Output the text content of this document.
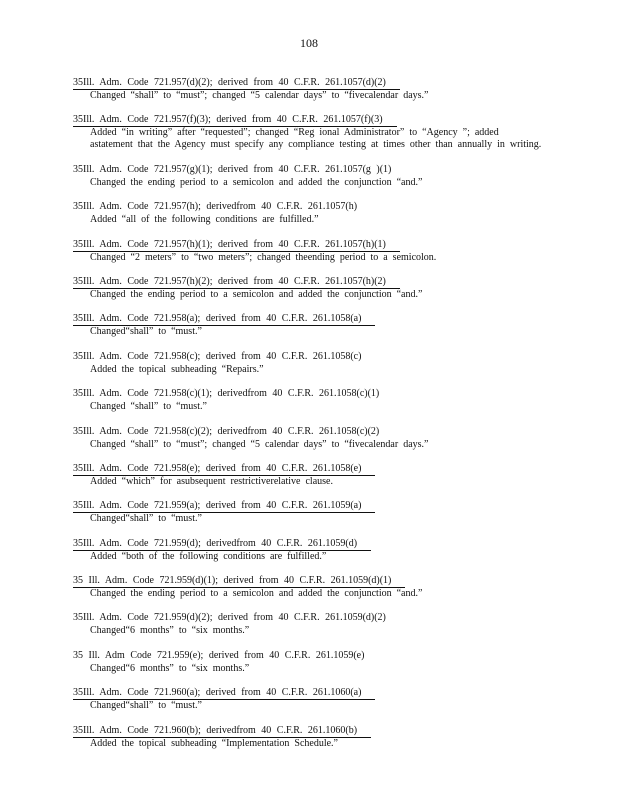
108
35Ill. Adm. Code 721.957(d)(2); derived from 40 C.F.R. 261.1057(d)(2)

Changed “shall” to “must”; changed “5 calendar days” to “fivecalendar days.”
35Ill. Adm. Code 721.957(f)(3); derived from 40 C.F.R. 261.1057(f)(3)

Added “in writing” after “requested”; changed “Reg ional Administrator” to “Agency ”; added astatement that the Agency must specify any compliance testing at times other than annually in writing.
35Ill. Adm. Code 721.957(g)(1); derived from 40 C.F.R. 261.1057(g )(1)

Changed the ending period to a semicolon and added the conjunction “and.”
35Ill. Adm. Code 721.957(h); derivedfrom 40 C.F.R. 261.1057(h)

Added “all of the following conditions are fulfilled.”
35Ill. Adm. Code 721.957(h)(1); derived from 40 C.F.R. 261.1057(h)(1)

Changed “2 meters” to “two meters”; changed theending period to a semicolon.
35Ill. Adm. Code 721.957(h)(2); derived from 40 C.F.R. 261.1057(h)(2)

Changed the ending period to a semicolon and added the conjunction “and.”
35Ill. Adm. Code 721.958(a); derived from 40 C.F.R. 261.1058(a)

Changed“shall” to “must.”
35Ill. Adm. Code 721.958(c); derived from 40 C.F.R. 261.1058(c)

Added the topical subheading “Repairs.”
35Ill. Adm. Code 721.958(c)(1); derivedfrom 40 C.F.R. 261.1058(c)(1)

Changed “shall” to “must.”
35Ill. Adm. Code 721.958(c)(2); derivedfrom 40 C.F.R. 261.1058(c)(2)

Changed “shall” to “must”; changed “5 calendar days” to “fivecalendar days.”
35Ill. Adm. Code 721.958(e); derived from 40 C.F.R. 261.1058(e)

Added “which” for asubsequent restrictiverelative clause.
35Ill. Adm. Code 721.959(a); derived from 40 C.F.R. 261.1059(a)

Changed“shall” to “must.”
35Ill. Adm. Code 721.959(d); derivedfrom 40 C.F.R. 261.1059(d)

Added “both of the following conditions are fulfilled.”
35 Ill. Adm. Code 721.959(d)(1); derived from 40 C.F.R. 261.1059(d)(1)

Changed the ending period to a semicolon and added the conjunction “and.”
35Ill. Adm. Code 721.959(d)(2); derived from 40 C.F.R. 261.1059(d)(2)

Changed“6 months” to “six months.”
35 Ill. Adm Code 721.959(e); derived from 40 C.F.R. 261.1059(e)

Changed“6 months” to “six months.”
35Ill. Adm. Code 721.960(a); derived from 40 C.F.R. 261.1060(a)

Changed“shall” to “must.”
35Ill. Adm. Code 721.960(b); derivedfrom 40 C.F.R. 261.1060(b)

Added the topical subheading “Implementation Schedule.”
